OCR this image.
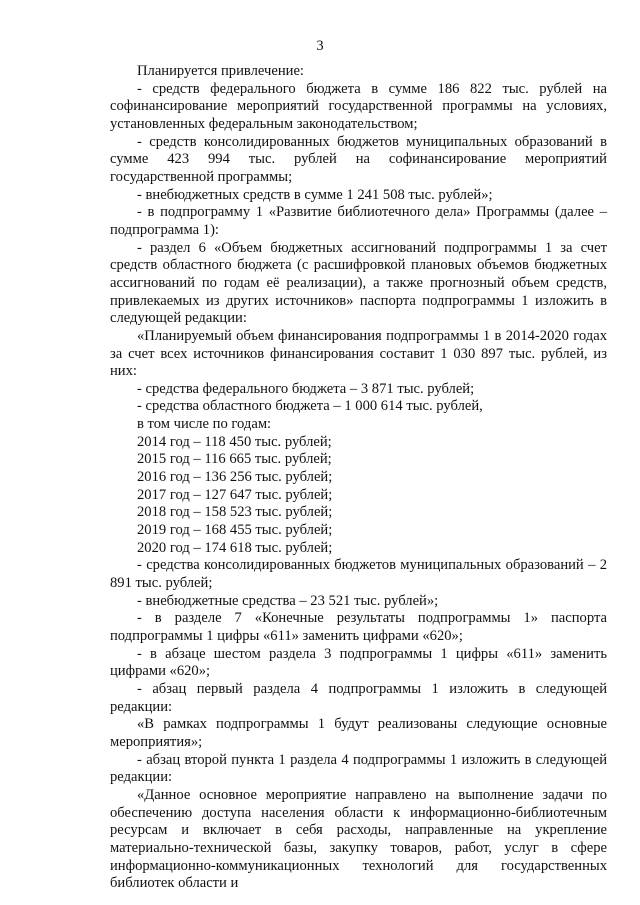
3

Планируется привлечение:

- средств федерального бюджета в сумме 186 822 тыс. рублей на софинансирование мероприятий государственной программы на условиях, установленных федеральным законодательством;

- средств консолидированных бюджетов муниципальных образований в сумме 423 994 тыс. рублей на софинансирование мероприятий государственной программы;

- внебюджетных средств в сумме 1 241 508 тыс. рублей»;

- в подпрограмму 1 «Развитие библиотечного дела» Программы (далее – подпрограмма 1):

- раздел 6 «Объем бюджетных ассигнований подпрограммы 1 за счет средств областного бюджета (с расшифровкой плановых объемов бюджетных ассигнований по годам её реализации), а также прогнозный объем средств, привлекаемых из других источников» паспорта подпрограммы 1 изложить в следующей редакции:

«Планируемый объем финансирования подпрограммы 1 в 2014-2020 годах за счет всех источников финансирования составит 1 030 897 тыс. рублей, из них:

- средства федерального бюджета – 3 871 тыс. рублей;

- средства областного бюджета – 1 000 614 тыс. рублей,

в том числе по годам:

2014 год – 118 450 тыс. рублей;
2015 год – 116 665 тыс. рублей;
2016 год – 136 256 тыс. рублей;
2017 год – 127 647 тыс. рублей;
2018 год – 158 523 тыс. рублей;
2019 год – 168 455 тыс. рублей;
2020 год – 174 618 тыс. рублей;

- средства консолидированных бюджетов муниципальных образований – 2 891 тыс. рублей;

- внебюджетные средства – 23 521 тыс. рублей»;

- в разделе 7 «Конечные результаты подпрограммы 1» паспорта подпрограммы 1 цифры «611» заменить цифрами «620»;

- в абзаце шестом раздела 3 подпрограммы 1 цифры «611» заменить цифрами «620»;

- абзац первый раздела 4 подпрограммы 1 изложить в следующей редакции:

«В рамках подпрограммы 1 будут реализованы следующие основные мероприятия»;

- абзац второй пункта 1 раздела 4 подпрограммы 1 изложить в следующей редакции:

«Данное основное мероприятие направлено на выполнение задачи по обеспечению доступа населения области к информационно-библиотечным ресурсам и включает в себя расходы, направленные на укрепление материально-технической базы, закупку товаров, работ, услуг в сфере информационно-коммуникационных технологий для государственных библиотек области и
